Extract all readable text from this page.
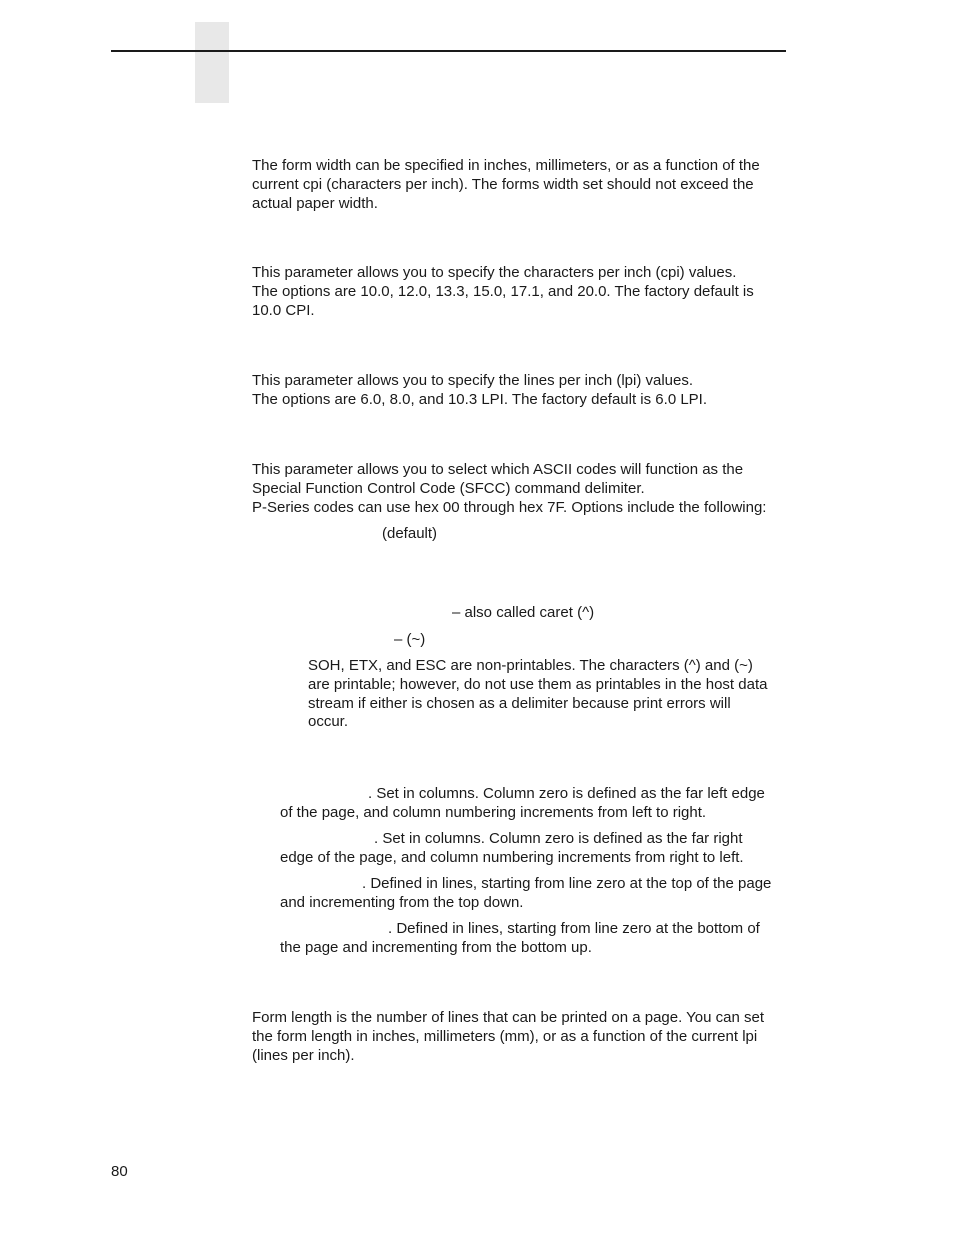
The form width can be specified in inches, millimeters, or as a function of the
current cpi (characters per inch). The forms width set should not exceed the
actual paper width.

This parameter allows you to specify the characters per inch (cpi) values.
The options are 10.0, 12.0, 13.3, 15.0, 17.1, and 20.0. The factory default is
10.0 CPI.

This parameter allows you to specify the lines per inch (lpi) values.
The options are 6.0, 8.0, and 10.3 LPI. The factory default is 6.0 LPI.

This parameter allows you to select which ASCII codes will function as the
Special Function Control Code (SFCC) command delimiter.
P-Series codes can use hex 00 through hex 7F. Options include the following:

(default)

– also called caret (^)

– (~)

SOH, ETX, and ESC are non-printables. The characters (^) and (~)
are printable; however, do not use them as printables in the host data
stream if either is chosen as a delimiter because print errors will
occur.

. Set in columns. Column zero is defined as the far left edge
of the page, and column numbering increments from left to right.

. Set in columns. Column zero is defined as the far right
edge of the page, and column numbering increments from right to left.

. Defined in lines, starting from line zero at the top of the page
and incrementing from the top down.

. Defined in lines, starting from line zero at the bottom of
the page and incrementing from the bottom up.

Form length is the number of lines that can be printed on a page. You can set
the form length in inches, millimeters (mm), or as a function of the current lpi
(lines per inch).

80
